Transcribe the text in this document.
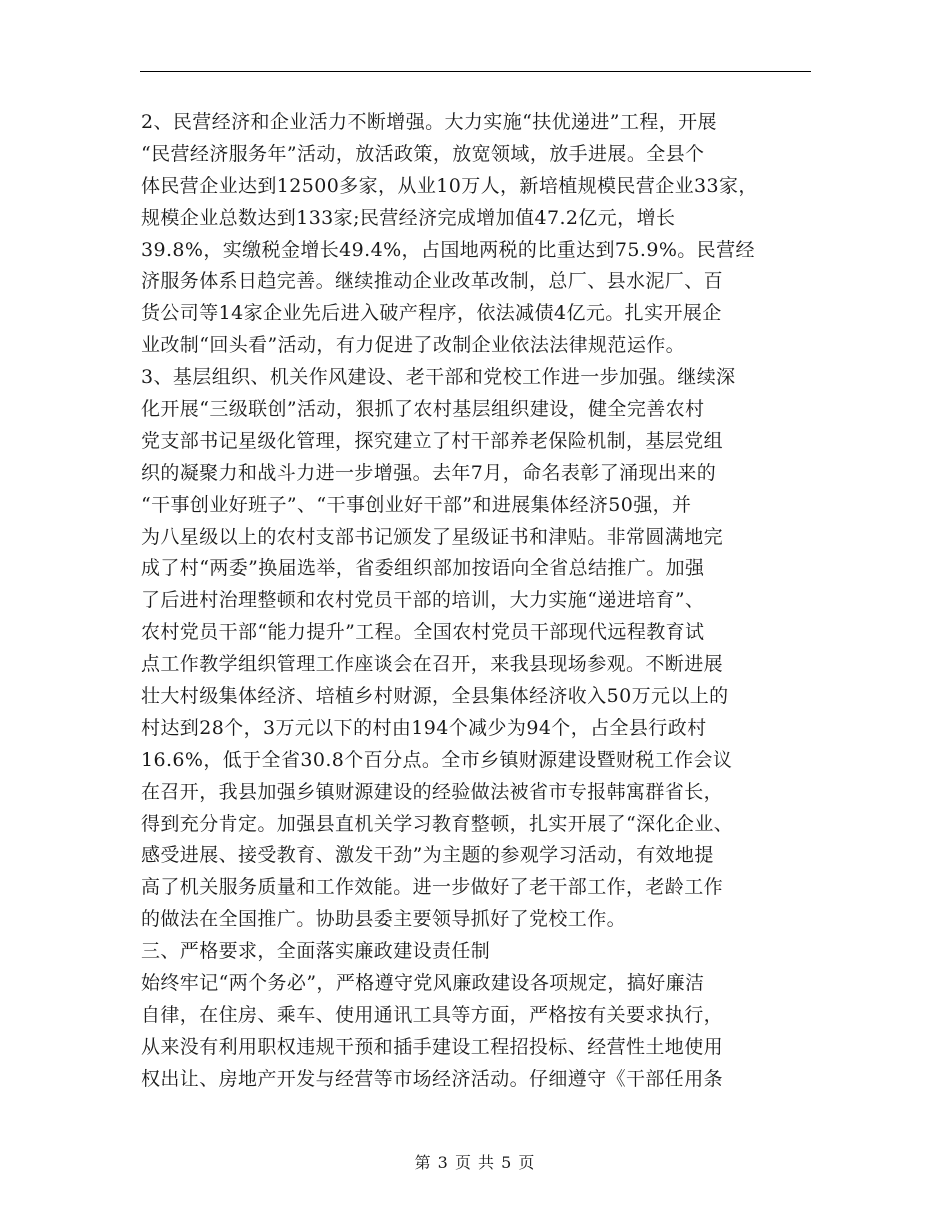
2、民营经济和企业活力不断增强。大力实施“扶优递进”工程，开展
“民营经济服务年”活动，放活政策，放宽领域，放手进展。全县个
体民营企业达到12500多家，从业10万人，新培植规模民营企业33家，
规模企业总数达到133家;民营经济完成增加值47.2亿元，增长
39.8%，实缴税金增长49.4%，占国地两税的比重达到75.9%。民营经
济服务体系日趋完善。继续推动企业改革改制，总厂、县水泥厂、百
货公司等14家企业先后进入破产程序，依法减债4亿元。扎实开展企
业改制“回头看”活动，有力促进了改制企业依法法律规范运作。
3、基层组织、机关作风建设、老干部和党校工作进一步加强。继续深
化开展“三级联创”活动，狠抓了农村基层组织建设，健全完善农村
党支部书记星级化管理，探究建立了村干部养老保险机制，基层党组
织的凝聚力和战斗力进一步增强。去年7月，命名表彰了涌现出来的
“干事创业好班子”、“干事创业好干部”和进展集体经济50强，并
为八星级以上的农村支部书记颁发了星级证书和津贴。非常圆满地完
成了村“两委”换届选举，省委组织部加按语向全省总结推广。加强
了后进村治理整顿和农村党员干部的培训，大力实施“递进培育”、
农村党员干部“能力提升”工程。全国农村党员干部现代远程教育试
点工作教学组织管理工作座谈会在召开，来我县现场参观。不断进展
壮大村级集体经济、培植乡村财源，全县集体经济收入50万元以上的
村达到28个，3万元以下的村由194个减少为94个，占全县行政村
16.6%，低于全省30.8个百分点。全市乡镇财源建设暨财税工作会议
在召开，我县加强乡镇财源建设的经验做法被省市专报韩寓群省长，
得到充分肯定。加强县直机关学习教育整顿，扎实开展了“深化企业、
感受进展、接受教育、激发干劲”为主题的参观学习活动，有效地提
高了机关服务质量和工作效能。进一步做好了老干部工作，老龄工作
的做法在全国推广。协助县委主要领导抓好了党校工作。
三、严格要求，全面落实廉政建设责任制
始终牢记“两个务必”，严格遵守党风廉政建设各项规定，搞好廉洁
自律，在住房、乘车、使用通讯工具等方面，严格按有关要求执行，
从来没有利用职权违规干预和插手建设工程招投标、经营性土地使用
权出让、房地产开发与经营等市场经济活动。仔细遵守《干部任用条
第 3 页 共 5 页
